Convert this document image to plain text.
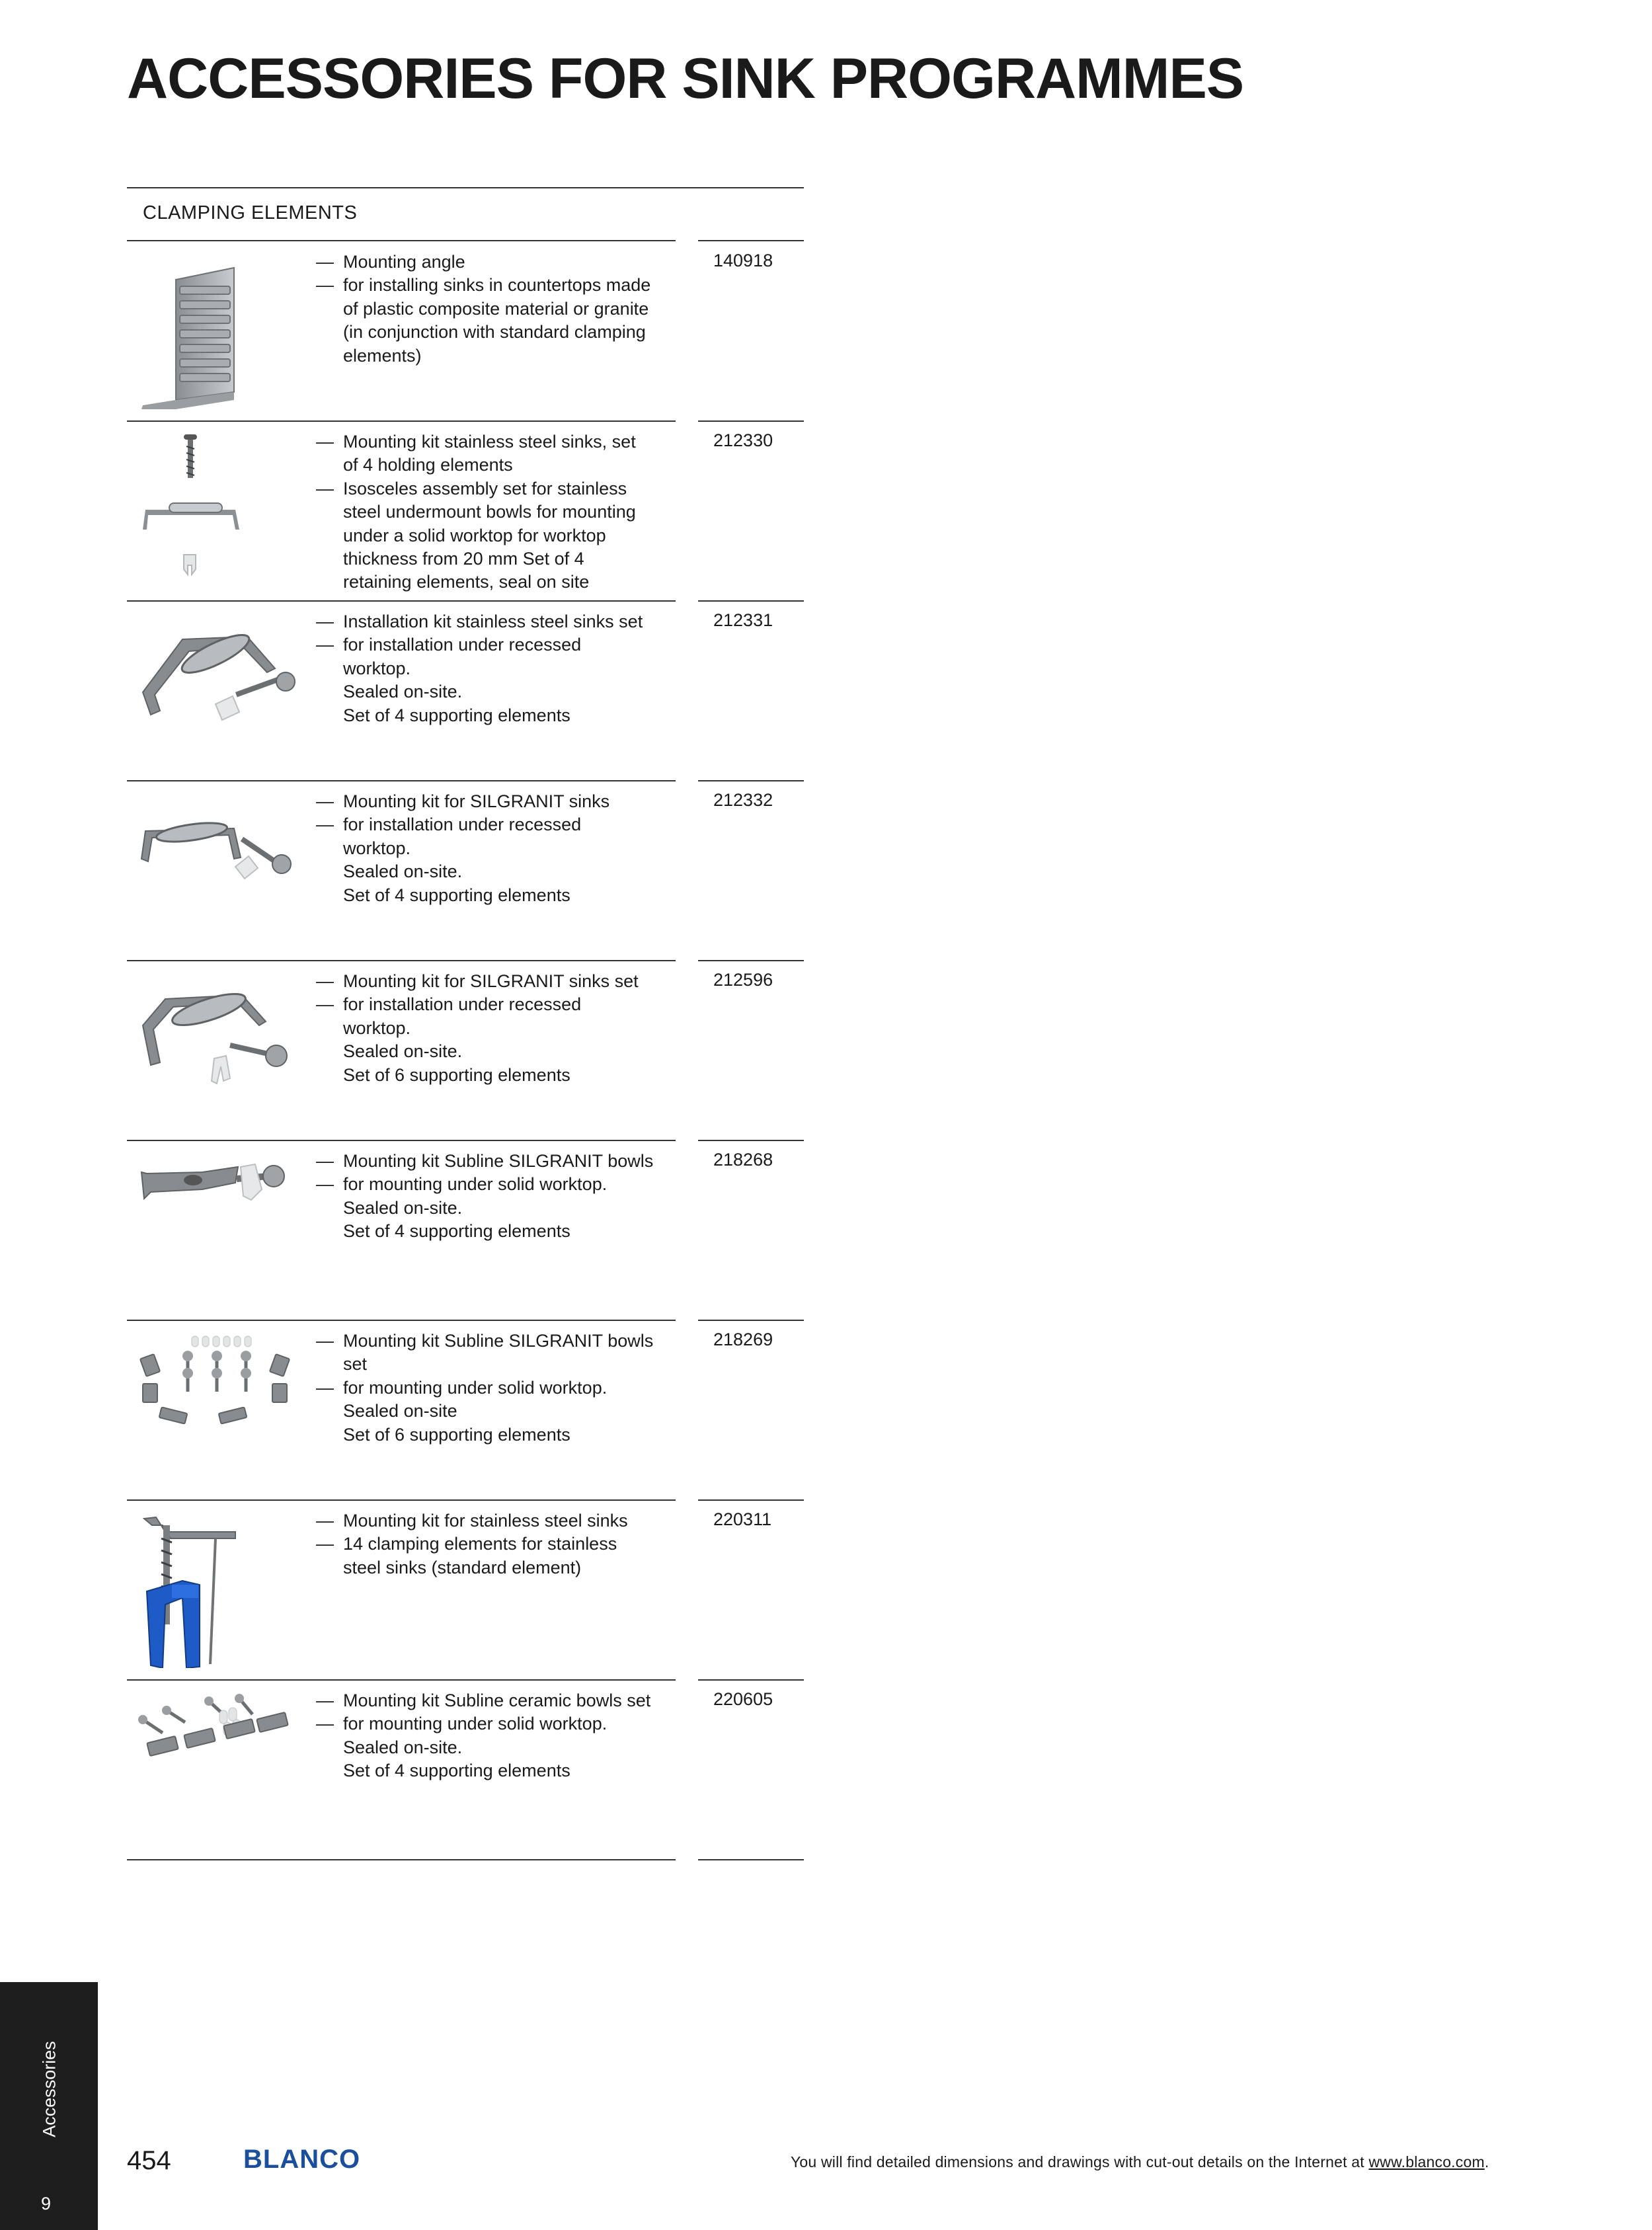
ACCESSORIES FOR SINK PROGRAMMES
CLAMPING ELEMENTS
— Mounting angle
— for installing sinks in countertops made
of plastic composite material or granite
(in conjunction with standard clamping
elements)
140918
— Mounting kit stainless steel sinks, set
of 4 holding elements
— Isosceles assembly set for stainless
steel undermount bowls for mounting
under a solid worktop for worktop
thickness from 20 mm Set of 4
retaining elements, seal on site
212330
— Installation kit stainless steel sinks set
— for installation under recessed
worktop.
Sealed on-site.
Set of 4 supporting elements
212331
— Mounting kit for SILGRANIT sinks
— for installation under recessed
worktop.
Sealed on-site.
Set of 4 supporting elements
212332
— Mounting kit for SILGRANIT sinks set
— for installation under recessed
worktop.
Sealed on-site.
Set of 6 supporting elements
212596
— Mounting kit Subline SILGRANIT bowls
— for mounting under solid worktop.
Sealed on-site.
Set of 4 supporting elements
218268
— Mounting kit Subline SILGRANIT bowls
set
— for mounting under solid worktop.
Sealed on-site
Set of 6 supporting elements
218269
— Mounting kit for stainless steel sinks
— 14 clamping elements for stainless
steel sinks (standard element)
220311
— Mounting kit Subline ceramic bowls set
— for mounting under solid worktop.
Sealed on-site.
Set of 4 supporting elements
220605
Accessories
9
454	BLANCO	You will find detailed dimensions and drawings with cut-out details on the Internet at www.blanco.com.
